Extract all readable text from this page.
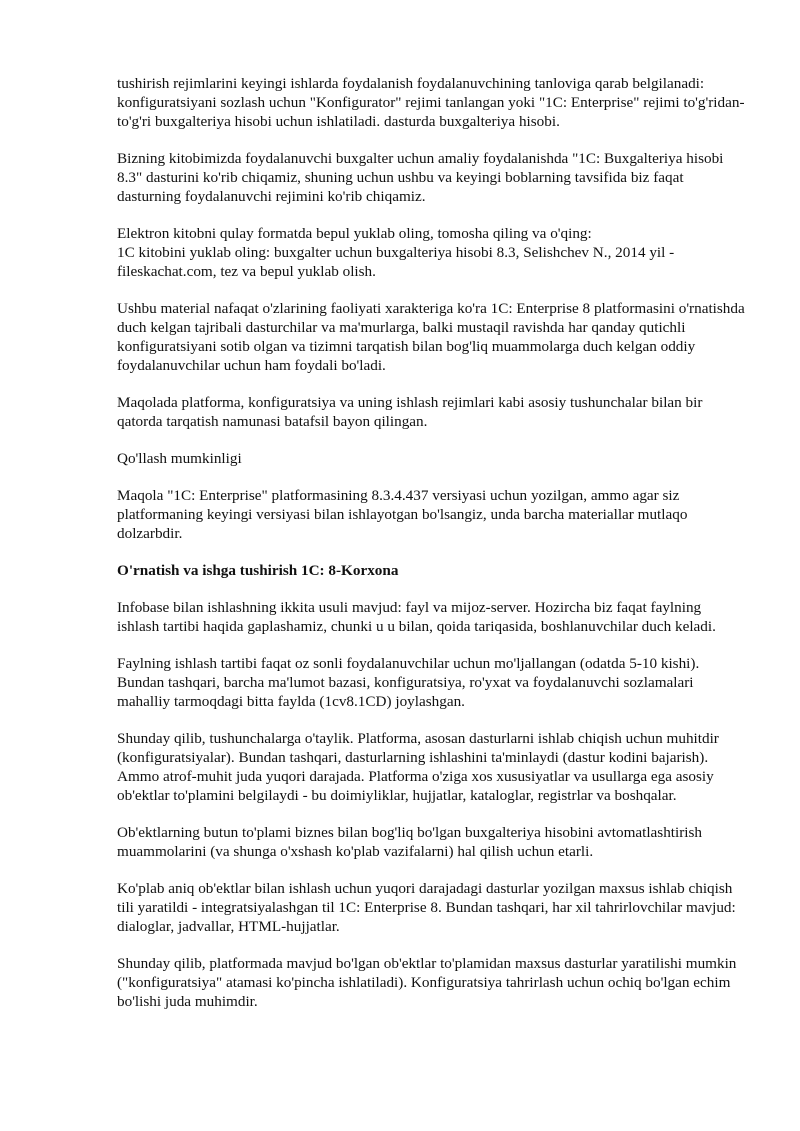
tushirish rejimlarini keyingi ishlarda foydalanish foydalanuvchining tanloviga qarab belgilanadi: konfiguratsiyani sozlash uchun "Konfigurator" rejimi tanlangan yoki "1C: Enterprise" rejimi to'g'ridan-to'g'ri buxgalteriya hisobi uchun ishlatiladi. dasturda buxgalteriya hisobi.

Bizning kitobimizda foydalanuvchi buxgalter uchun amaliy foydalanishda "1C: Buxgalteriya hisobi 8.3" dasturini ko'rib chiqamiz, shuning uchun ushbu va keyingi boblarning tavsifida biz faqat dasturning foydalanuvchi rejimini ko'rib chiqamiz.

Elektron kitobni qulay formatda bepul yuklab oling, tomosha qiling va o'qing:
1C kitobini yuklab oling: buxgalter uchun buxgalteriya hisobi 8.3, Selishchev N., 2014 yil - fileskachat.com, tez va bepul yuklab olish.

Ushbu material nafaqat o'zlarining faoliyati xarakteriga ko'ra 1C: Enterprise 8 platformasini o'rnatishda duch kelgan tajribali dasturchilar va ma'murlarga, balki mustaqil ravishda har qanday qutichli konfiguratsiyani sotib olgan va tizimni tarqatish bilan bog'liq muammolarga duch kelgan oddiy foydalanuvchilar uchun ham foydali bo'ladi.

Maqolada platforma, konfiguratsiya va uning ishlash rejimlari kabi asosiy tushunchalar bilan bir qatorda tarqatish namunasi batafsil bayon qilingan.

Qo'llash mumkinligi

Maqola "1C: Enterprise" platformasining 8.3.4.437 versiyasi uchun yozilgan, ammo agar siz platformaning keyingi versiyasi bilan ishlayotgan bo'lsangiz, unda barcha materiallar mutlaqo dolzarbdir.

O'rnatish va ishga tushirish 1C: 8-Korxona

Infobase bilan ishlashning ikkita usuli mavjud: fayl va mijoz-server. Hozircha biz faqat faylning ishlash tartibi haqida gaplashamiz, chunki u u bilan, qoida tariqasida, boshlanuvchilar duch keladi.

Faylning ishlash tartibi faqat oz sonli foydalanuvchilar uchun mo'ljallangan (odatda 5-10 kishi). Bundan tashqari, barcha ma'lumot bazasi, konfiguratsiya, ro'yxat va foydalanuvchi sozlamalari mahalliy tarmoqdagi bitta faylda (1cv8.1CD) joylashgan.

Shunday qilib, tushunchalarga o'taylik. Platforma, asosan dasturlarni ishlab chiqish uchun muhitdir (konfiguratsiyalar). Bundan tashqari, dasturlarning ishlashini ta'minlaydi (dastur kodini bajarish). Ammo atrof-muhit juda yuqori darajada. Platforma o'ziga xos xususiyatlar va usullarga ega asosiy ob'ektlar to'plamini belgilaydi - bu doimiyliklar, hujjatlar, kataloglar, registrlar va boshqalar.

Ob'ektlarning butun to'plami biznes bilan bog'liq bo'lgan buxgalteriya hisobini avtomatlashtirish muammolarini (va shunga o'xshash ko'plab vazifalarni) hal qilish uchun etarli.

Ko'plab aniq ob'ektlar bilan ishlash uchun yuqori darajadagi dasturlar yozilgan maxsus ishlab chiqish tili yaratildi - integratsiyalashgan til 1C: Enterprise 8. Bundan tashqari, har xil tahrirlovchilar mavjud: dialoglar, jadvallar, HTML-hujjatlar.

Shunday qilib, platformada mavjud bo'lgan ob'ektlar to'plamidan maxsus dasturlar yaratilishi mumkin ("konfiguratsiya" atamasi ko'pincha ishlatiladi). Konfiguratsiya tahrirlash uchun ochiq bo'lgan echim bo'lishi juda muhimdir.
